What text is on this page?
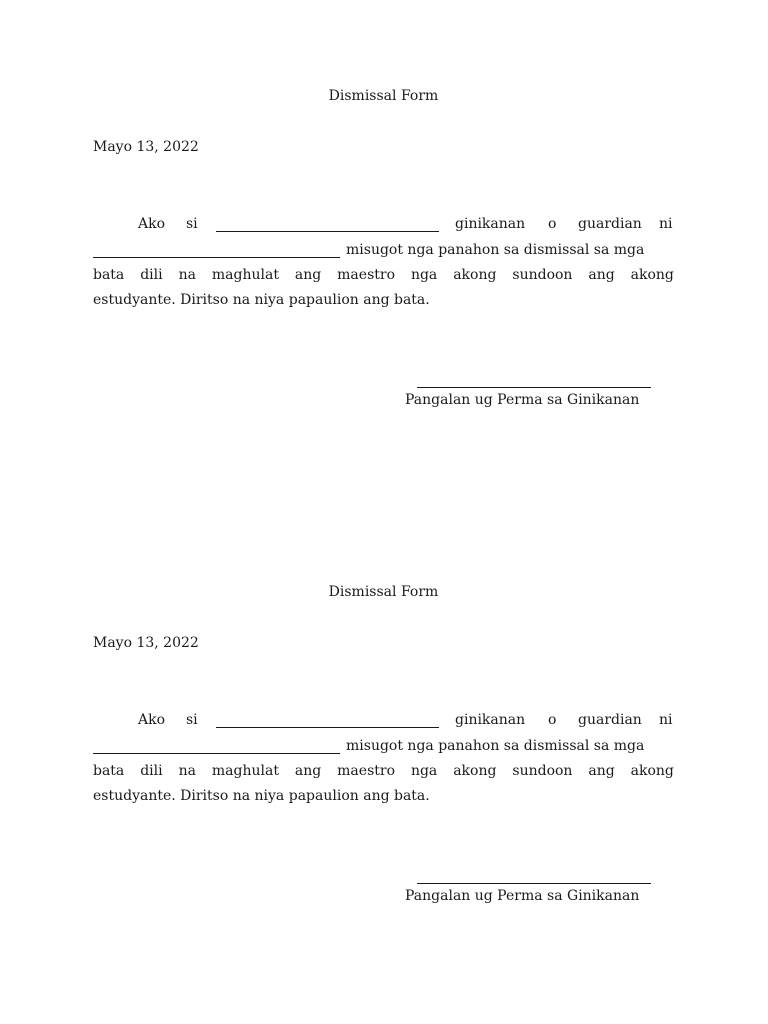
Dismissal Form
Mayo 13, 2022
Ako si	ginikanan o guardian ni
misugot nga panahon sa dismissal sa mga
bata dili na maghulat ang maestro nga akong sundoon ang akong
estudyante. Diritso na niya papaulion ang bata.
Pangalan ug Perma sa Ginikanan
Dismissal Form
Mayo 13, 2022
Ako si	ginikanan o guardian ni
misugot nga panahon sa dismissal sa mga
bata dili na maghulat ang maestro nga akong sundoon ang akong
estudyante. Diritso na niya papaulion ang bata.
Pangalan ug Perma sa Ginikanan
